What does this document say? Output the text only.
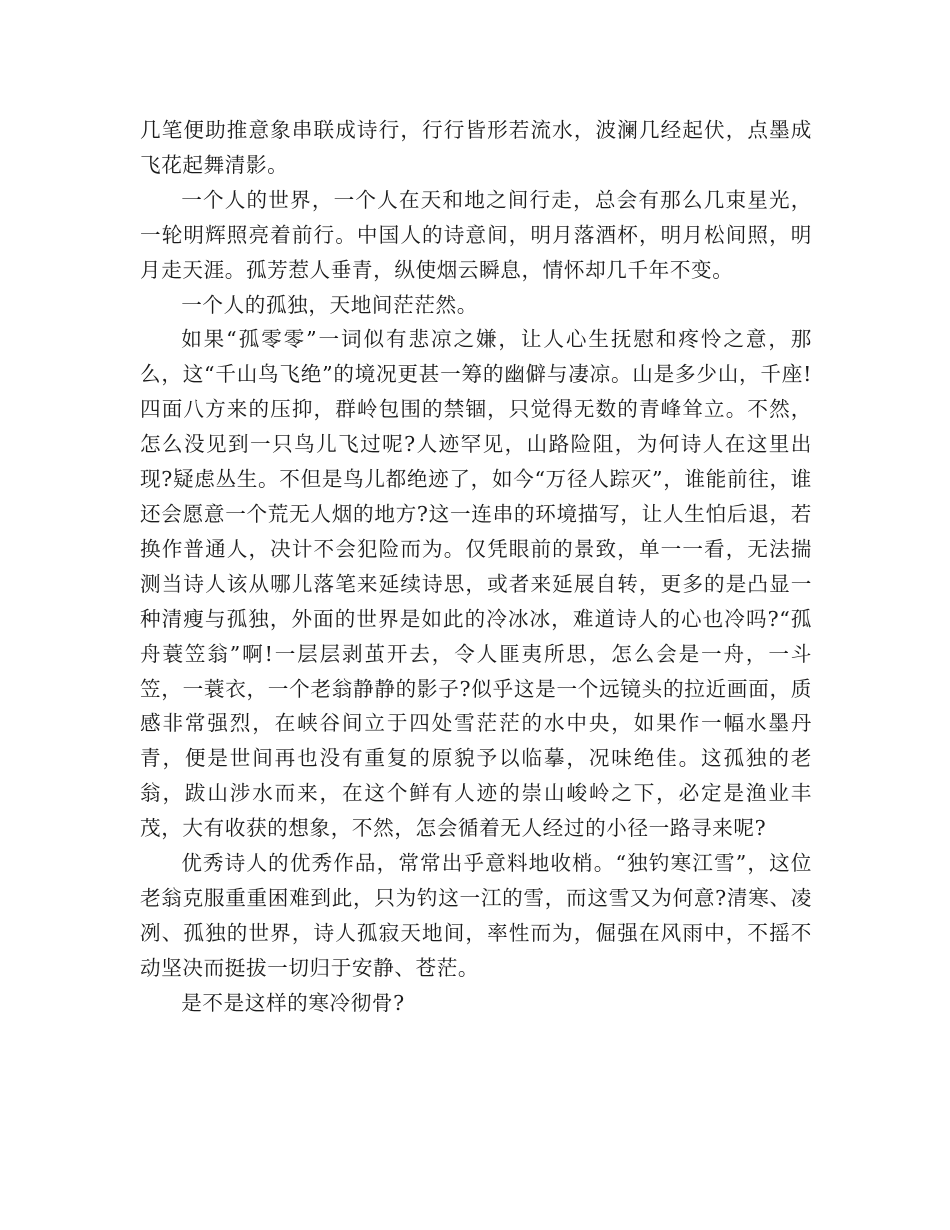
几笔便助推意象串联成诗行，行行皆形若流水，波澜几经起伏，点墨成飞花起舞清影。

一个人的世界，一个人在天和地之间行走，总会有那么几束星光，一轮明辉照亮着前行。中国人的诗意间，明月落酒杯，明月松间照，明月走天涯。孤芳惹人垂青，纵使烟云瞬息，情怀却几千年不变。

一个人的孤独，天地间茫茫然。

如果“孤零零”一词似有悲凉之嫌，让人心生抚慰和疼怜之意，那么，这“千山鸟飞绝”的境况更甚一筹的幽僻与凄凉。山是多少山，千座!四面八方来的压抑，群岭包围的禁锢，只觉得无数的青峰耸立。不然，怎么没见到一只鸟儿飞过呢?人迹罕见，山路险阻，为何诗人在这里出现?疑虑丛生。不但是鸟儿都绝迹了，如今“万径人踪灭”，谁能前往，谁还会愿意一个荒无人烟的地方?这一连串的环境描写，让人生怕后退，若换作普通人，决计不会犯险而为。仅凭眼前的景致，单一一看，无法揣测当诗人该从哪儿落笔来延续诗思，或者来延展自转，更多的是凸显一种清瘦与孤独，外面的世界是如此的冷冰冰，难道诗人的心也冷吗?“孤舟蓑笠翁”啊!一层层剥茧开去，令人匪夷所思，怎么会是一舟，一斗笠，一蓑衣，一个老翁静静的影子?似乎这是一个远镜头的拉近画面，质感非常强烈，在峡谷间立于四处雪茫茫的水中央，如果作一幅水墨丹青，便是世间再也没有重复的原貌予以临摹，况味绝佳。这孤独的老翁，跋山涉水而来，在这个鲜有人迹的崇山峻岭之下，必定是渔业丰茂，大有收获的想象，不然，怎会循着无人经过的小径一路寻来呢?

优秀诗人的优秀作品，常常出乎意料地收梢。“独钓寒江雪”，这位老翁克服重重困难到此，只为钓这一江的雪，而这雪又为何意?清寒、凌冽、孤独的世界，诗人孤寂天地间，率性而为，倔强在风雨中，不摇不动坚决而挺拔一切归于安静、苍茫。

是不是这样的寒冷彻骨?
